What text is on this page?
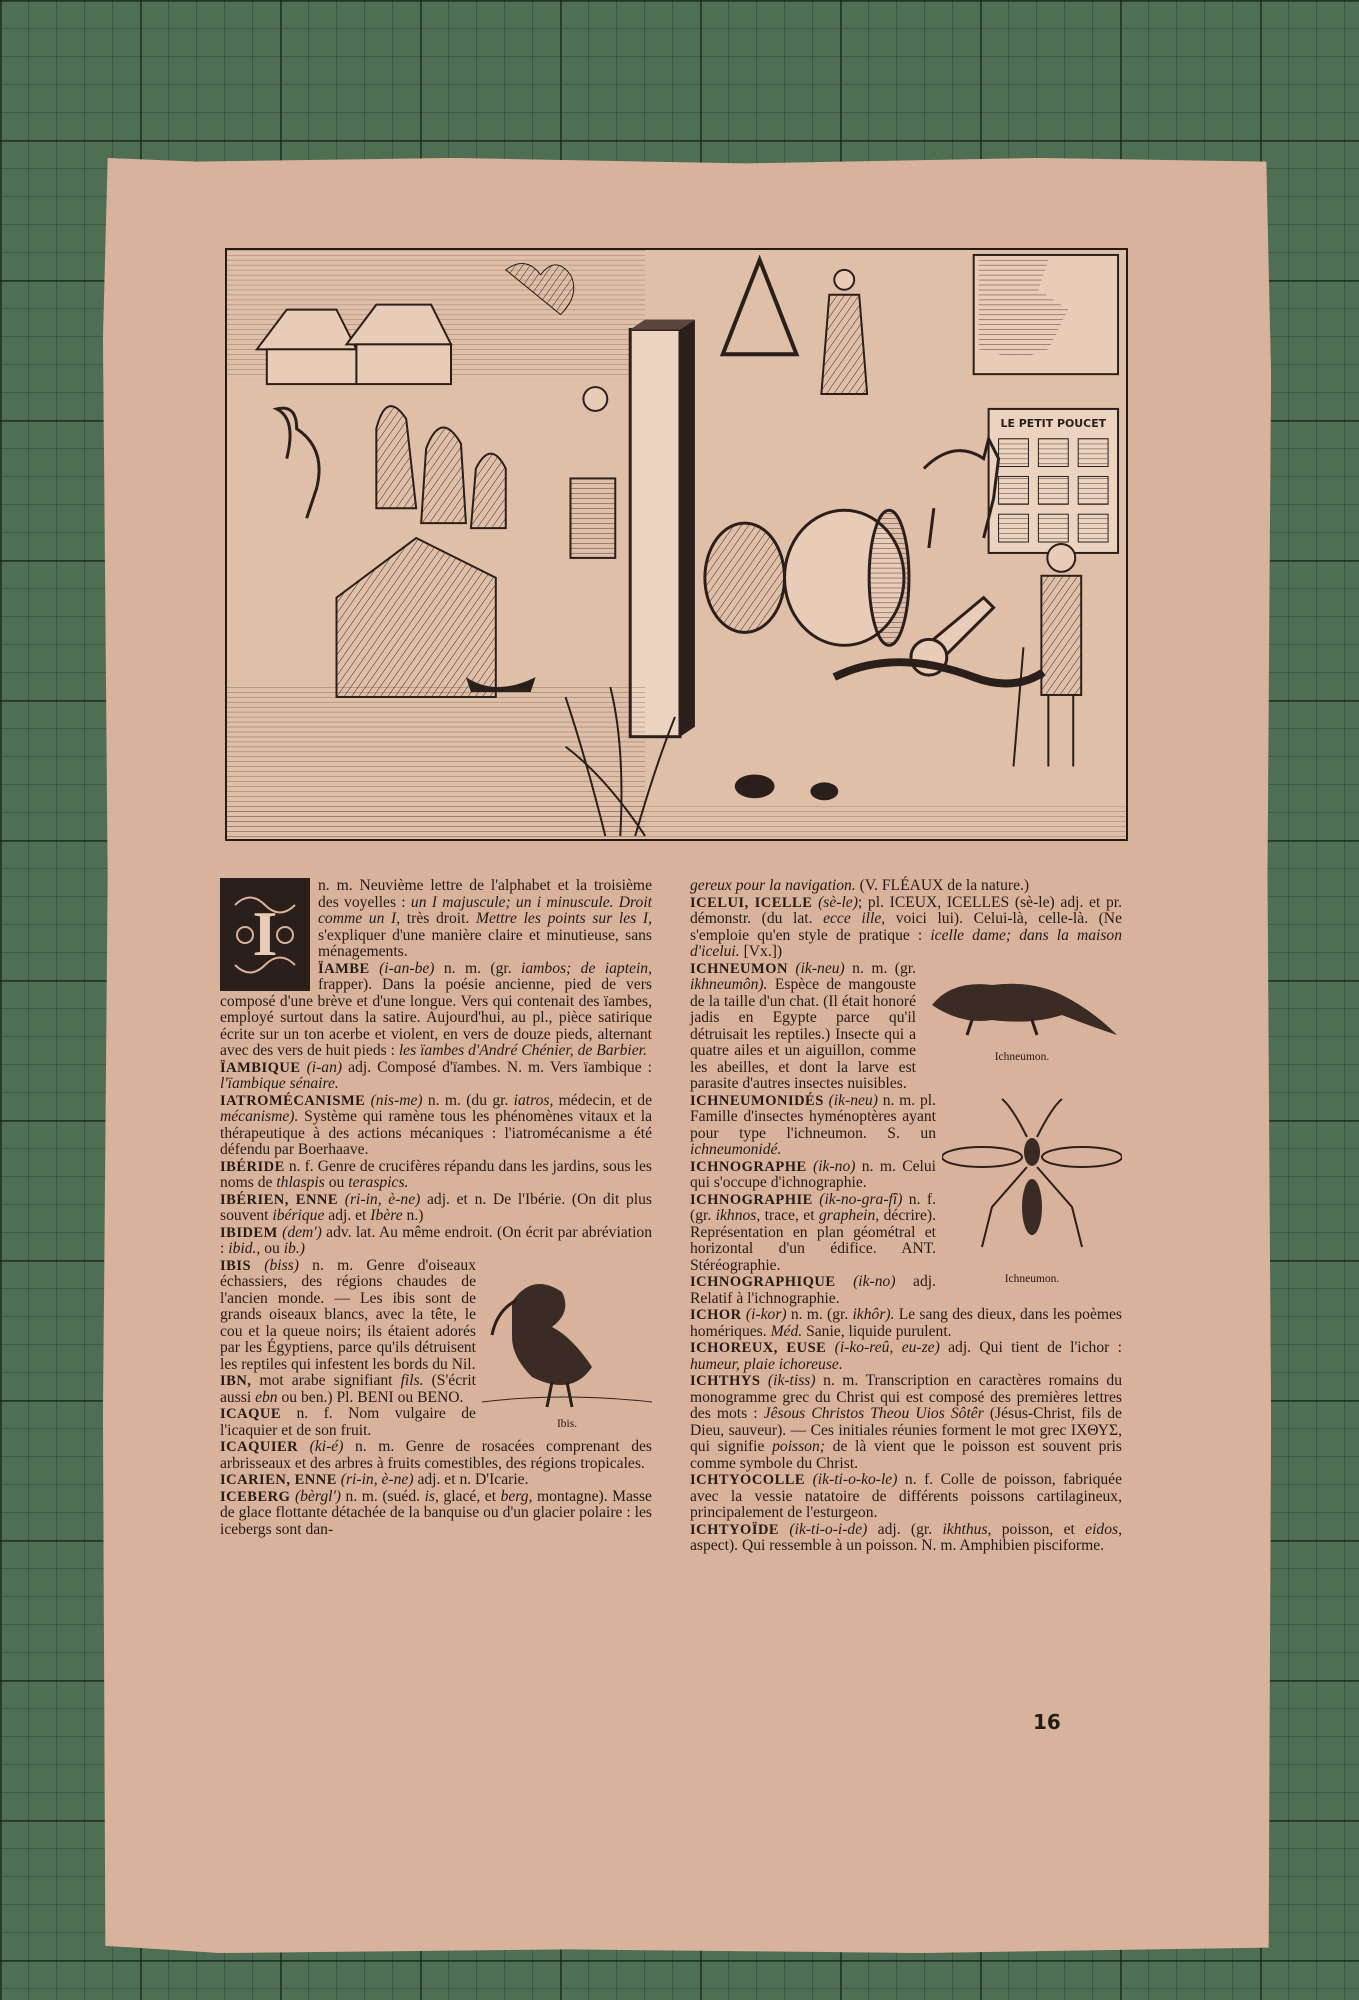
LE PETIT POUCET
I

n. m. Neuvième lettre de l'alphabet et la troisième des voyelles : un I majuscule; un i minuscule. Droit comme un I, très droit. Mettre les points sur les I, s'expliquer d'une manière claire et minutieuse, sans ménagements.

ÏAMBE (i-an-be) n. m. (gr. iambos; de iaptein, frapper). Dans la poésie ancienne, pied de vers composé d'une brève et d'une longue. Vers qui contenait des ïambes, employé surtout dans la satire. Aujourd'hui, au pl., pièce satirique écrite sur un ton acerbe et violent, en vers de douze pieds, alternant avec des vers de huit pieds : les ïambes d'André Chénier, de Barbier.

ÏAMBIQUE (i-an) adj. Composé d'ïambes. N. m. Vers ïambique : l'ïambique sénaire.

IATROMÉCANISME (nis-me) n. m. (du gr. iatros, médecin, et de mécanisme). Système qui ramène tous les phénomènes vitaux et la thérapeutique à des actions mécaniques : l'iatromécanisme a été défendu par Boerhaave.

IBÉRIDE n. f. Genre de crucifères répandu dans les jardins, sous les noms de thlaspis ou teraspics.

IBÉRIEN, ENNE (ri-in, è-ne) adj. et n. De l'Ibérie. (On dit plus souvent ibérique adj. et Ibère n.)

IBIDEM (dem') adv. lat. Au même endroit. (On écrit par abréviation : ibid., ou ib.)

Ibis.

IBIS (biss) n. m. Genre d'oiseaux échassiers, des régions chaudes de l'ancien monde. — Les ibis sont de grands oiseaux blancs, avec la tête, le cou et la queue noirs; ils étaient adorés par les Égyptiens, parce qu'ils détruisent les reptiles qui infestent les bords du Nil.

IBN, mot arabe signifiant fils. (S'écrit aussi ebn ou ben.) Pl. BENI ou BENO.

ICAQUE n. f. Nom vulgaire de l'icaquier et de son fruit.

ICAQUIER (ki-é) n. m. Genre de rosacées comprenant des arbrisseaux et des arbres à fruits comestibles, des régions tropicales.

ICARIEN, ENNE (ri-in, è-ne) adj. et n. D'Icarie.

ICEBERG (bèrgl') n. m. (suéd. is, glacé, et berg, montagne). Masse de glace flottante détachée de la banquise ou d'un glacier polaire : les icebergs sont dan-

gereux pour la navigation. (V. FLÉAUX de la nature.)

ICELUI, ICELLE (sè-le); pl. ICEUX, ICELLES (sè-le) adj. et pr. démonstr. (du lat. ecce ille, voici lui). Celui-là, celle-là. (Ne s'emploie qu'en style de pratique : icelle dame; dans la maison d'icelui. [Vx.])

Ichneumon.

ICHNEUMON (ik-neu) n. m. (gr. ikhneumôn). Espèce de mangouste de la taille d'un chat. (Il était honoré jadis en Egypte parce qu'il détruisait les reptiles.) Insecte qui a quatre ailes et un aiguillon, comme les abeilles, et dont la larve est parasite d'autres insectes nuisibles.

Ichneumon.

ICHNEUMONIDÉS (ik-neu) n. m. pl. Famille d'insectes hyménoptères ayant pour type l'ichneumon. S. un ichneumonidé.

ICHNOGRAPHE (ik-no) n. m. Celui qui s'occupe d'ichnographie.

ICHNOGRAPHIE (ik-no-gra-fî) n. f. (gr. ikhnos, trace, et graphein, décrire). Représentation en plan géométral et horizontal d'un édifice. ANT. Stéréographie.

ICHNOGRAPHIQUE (ik-no) adj. Relatif à l'ichnographie.

ICHOR (i-kor) n. m. (gr. ikhôr). Le sang des dieux, dans les poèmes homériques. Méd. Sanie, liquide purulent.

ICHOREUX, EUSE (i-ko-reû, eu-ze) adj. Qui tient de l'ichor : humeur, plaie ichoreuse.

ICHTHYS (ik-tiss) n. m. Transcription en caractères romains du monogramme grec du Christ qui est composé des premières lettres des mots : Jêsous Christos Theou Uios Sôtêr (Jésus-Christ, fils de Dieu, sauveur). — Ces initiales réunies forment le mot grec ΙΧΘΥΣ, qui signifie poisson; de là vient que le poisson est souvent pris comme symbole du Christ.

ICHTYOCOLLE (ik-ti-o-ko-le) n. f. Colle de poisson, fabriquée avec la vessie natatoire de différents poissons cartilagineux, principalement de l'esturgeon.

ICHTYOÏDE (ik-ti-o-i-de) adj. (gr. ikhthus, poisson, et eidos, aspect). Qui ressemble à un poisson. N. m. Amphibien pisciforme.

16
